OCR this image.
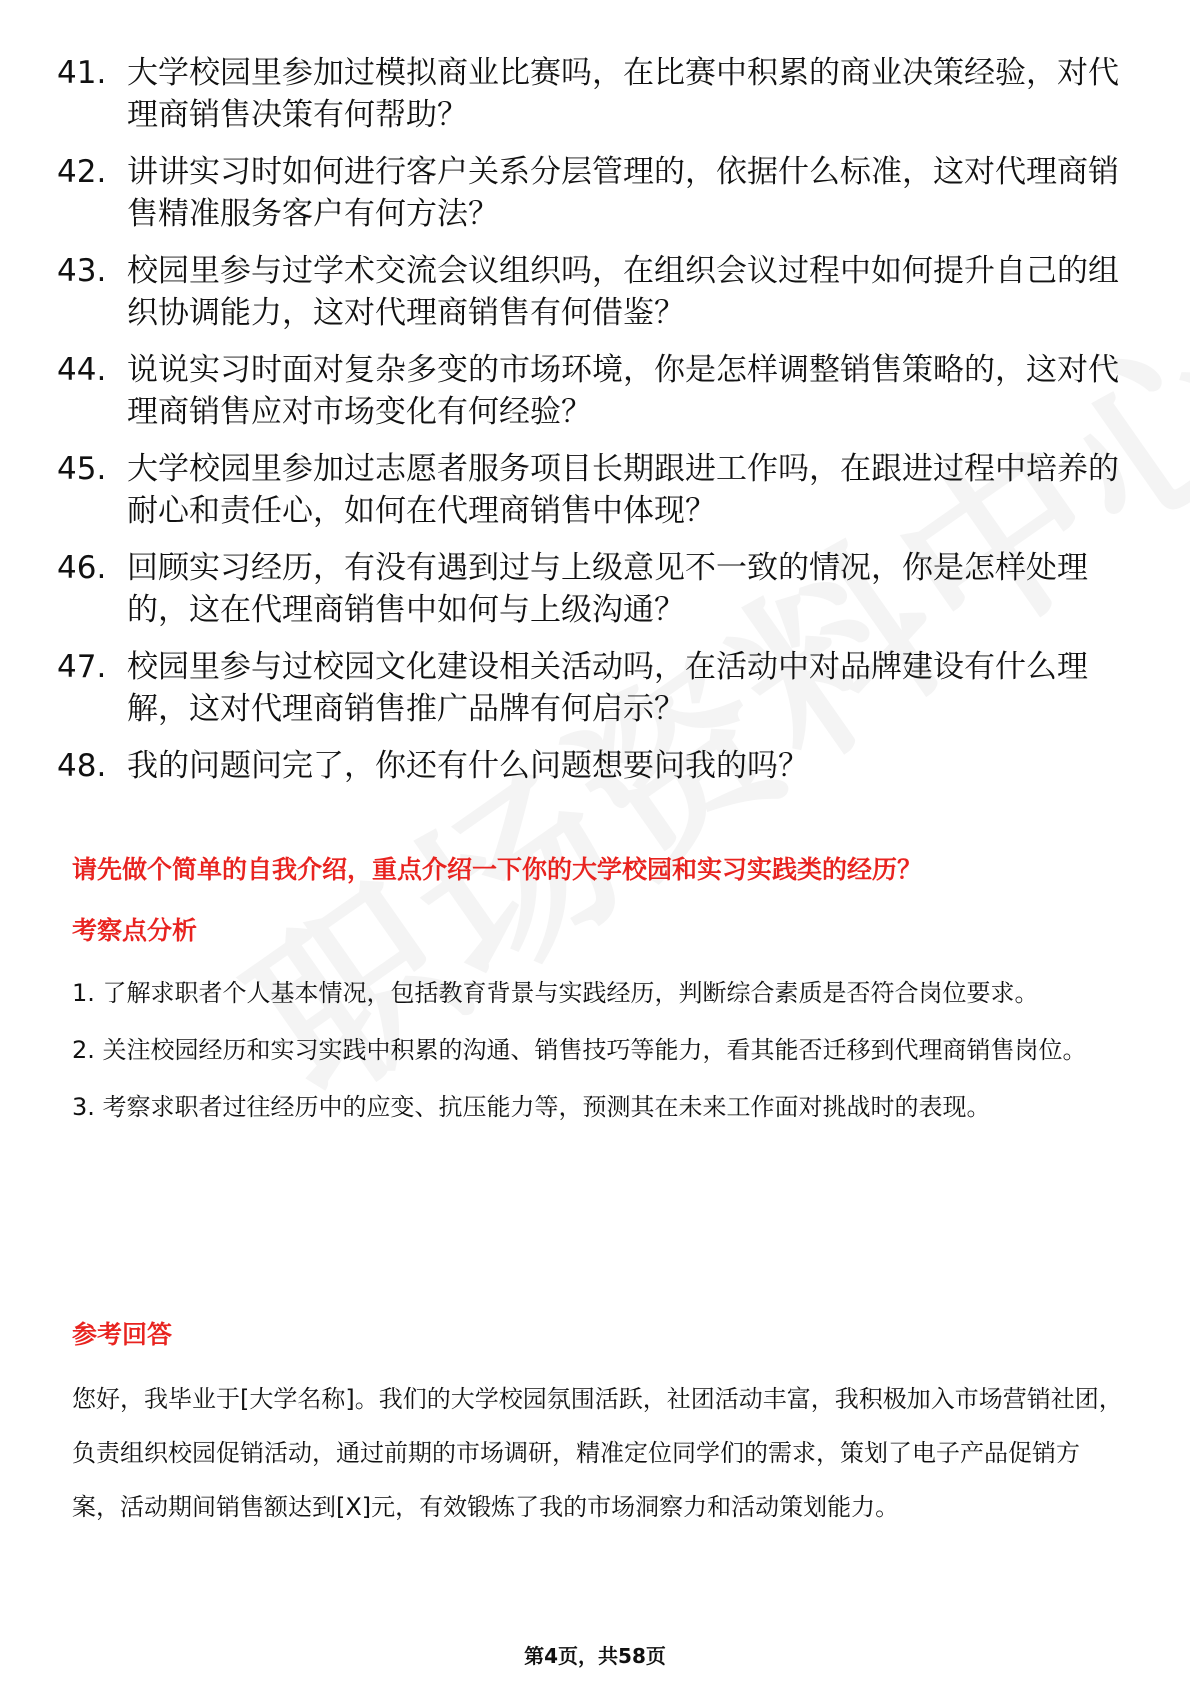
41. 大学校园里参加过模拟商业比赛吗，在比赛中积累的商业决策经验，对代理商销售决策有何帮助？
42. 讲讲实习时如何进行客户关系分层管理的，依据什么标准，这对代理商销售精准服务客户有何方法？
43. 校园里参与过学术交流会议组织吗，在组织会议过程中如何提升自己的组织协调能力，这对代理商销售有何借鉴？
44. 说说实习时面对复杂多变的市场环境，你是怎样调整销售策略的，这对代理商销售应对市场变化有何经验？
45. 大学校园里参加过志愿者服务项目长期跟进工作吗，在跟进过程中培养的耐心和责任心，如何在代理商销售中体现？
46. 回顾实习经历，有没有遇到过与上级意见不一致的情况，你是怎样处理的，这在代理商销售中如何与上级沟通？
47. 校园里参与过校园文化建设相关活动吗，在活动中对品牌建设有什么理解，这对代理商销售推广品牌有何启示？
48. 我的问题问完了，你还有什么问题想要问我的吗？
请先做个简单的自我介绍，重点介绍一下你的大学校园和实习实践类的经历？
考察点分析
1. 了解求职者个人基本情况，包括教育背景与实践经历，判断综合素质是否符合岗位要求。
2. 关注校园经历和实习实践中积累的沟通、销售技巧等能力，看其能否迁移到代理商销售岗位。
3. 考察求职者过往经历中的应变、抗压能力等，预测其在未来工作面对挑战时的表现。
参考回答
您好，我毕业于[大学名称]。我们的大学校园氛围活跃，社团活动丰富，我积极加入市场营销社团，负责组织校园促销活动，通过前期的市场调研，精准定位同学们的需求，策划了电子产品促销方案，活动期间销售额达到[X]元，有效锻炼了我的市场洞察力和活动策划能力。
第4页，共58页
